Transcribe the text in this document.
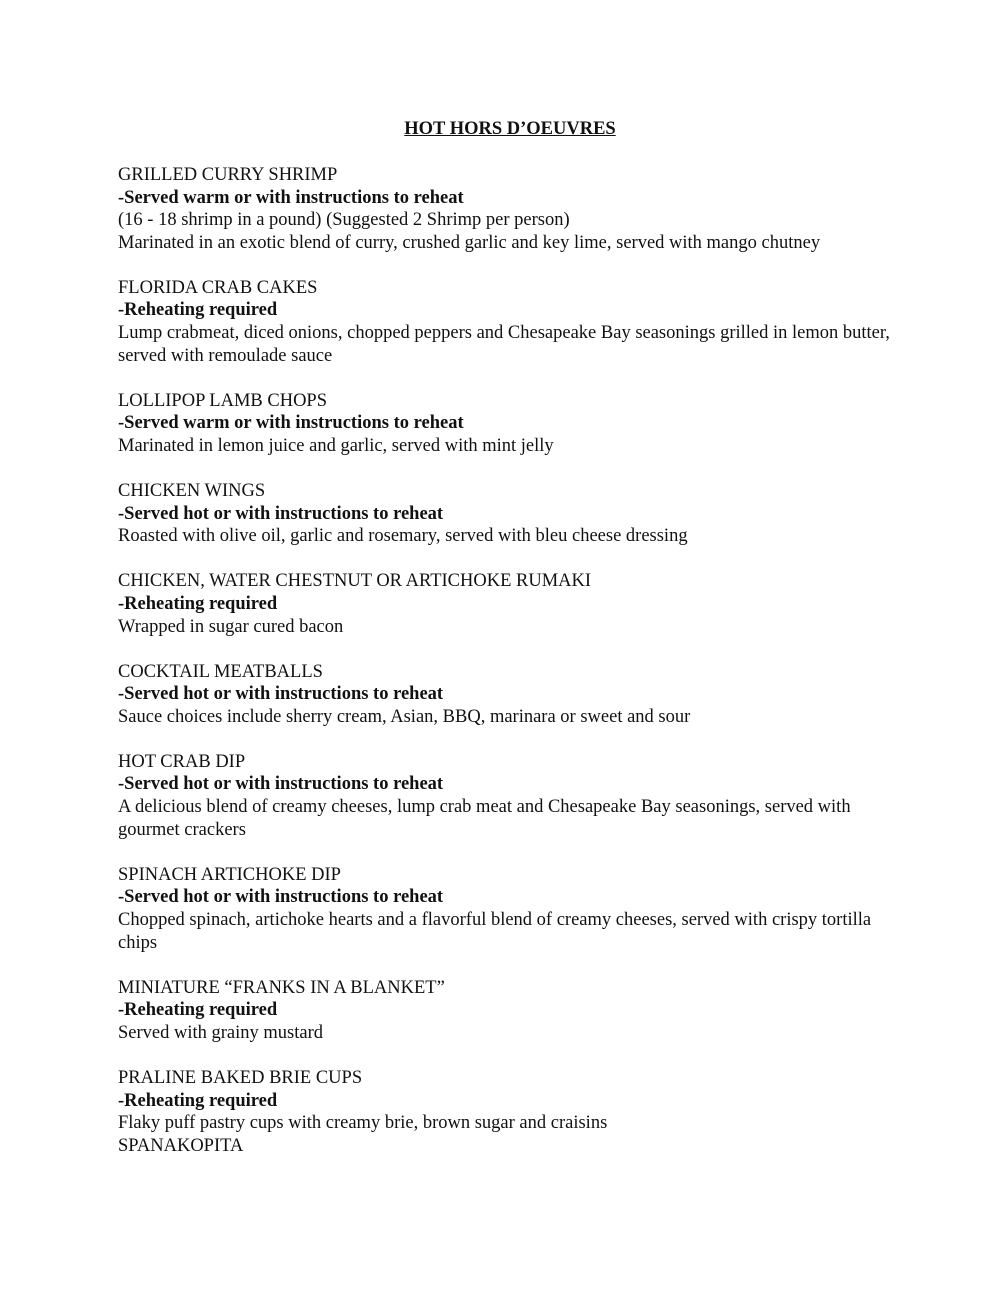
HOT HORS D’OEUVRES

GRILLED CURRY SHRIMP

-Served warm or with instructions to reheat

(16 - 18 shrimp in a pound) (Suggested 2 Shrimp per person)

Marinated in an exotic blend of curry, crushed garlic and key lime, served with mango chutney

FLORIDA CRAB CAKES

-Reheating required

Lump crabmeat, diced onions, chopped peppers and Chesapeake Bay seasonings grilled in lemon butter, served with remoulade sauce

LOLLIPOP LAMB CHOPS

-Served warm or with instructions to reheat

Marinated in lemon juice and garlic, served with mint jelly

CHICKEN WINGS

-Served hot or with instructions to reheat

Roasted with olive oil, garlic and rosemary, served with bleu cheese dressing

CHICKEN, WATER CHESTNUT OR ARTICHOKE RUMAKI

-Reheating required

Wrapped in sugar cured bacon

COCKTAIL MEATBALLS

-Served hot or with instructions to reheat

Sauce choices include sherry cream, Asian, BBQ, marinara or sweet and sour

HOT CRAB DIP

-Served hot or with instructions to reheat

A delicious blend of creamy cheeses, lump crab meat and Chesapeake Bay seasonings, served with gourmet crackers

SPINACH ARTICHOKE DIP

-Served hot or with instructions to reheat

Chopped spinach, artichoke hearts and a flavorful blend of creamy cheeses, served with crispy tortilla chips

MINIATURE “FRANKS IN A BLANKET”

-Reheating required

Served with grainy mustard

PRALINE BAKED BRIE CUPS

-Reheating required

Flaky puff pastry cups with creamy brie, brown sugar and craisins

SPANAKOPITA
